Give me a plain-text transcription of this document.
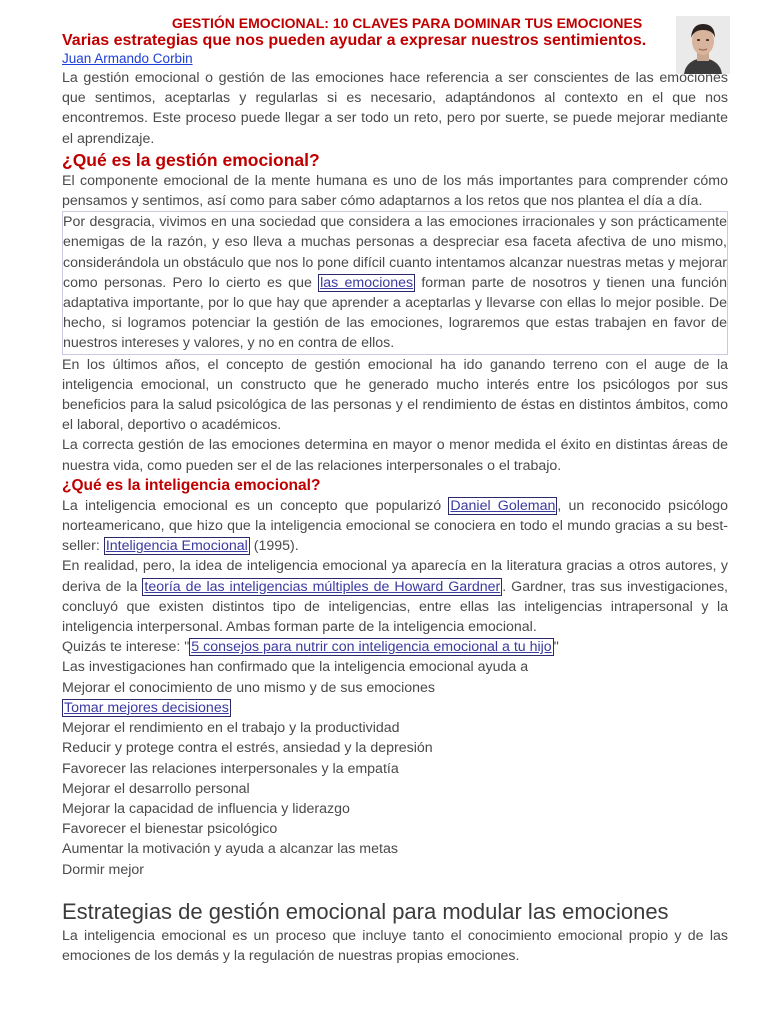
GESTIÓN EMOCIONAL: 10 CLAVES PARA DOMINAR TUS EMOCIONES
Varias estrategias que nos pueden ayudar a expresar nuestros sentimientos.
Juan Armando Corbin

La gestión emocional o gestión de las emociones hace referencia a ser conscientes de las emociones que sentimos, aceptarlas y regularlas si es necesario, adaptándonos al contexto en el que nos encontremos. Este proceso puede llegar a ser todo un reto, pero por suerte, se puede mejorar mediante el aprendizaje.

¿Qué es la gestión emocional?

El componente emocional de la mente humana es uno de los más importantes para comprender cómo pensamos y sentimos, así como para saber cómo adaptarnos a los retos que nos plantea el día a día.

Por desgracia, vivimos en una sociedad que considera a las emociones irracionales y son prácticamente enemigas de la razón, y eso lleva a muchas personas a despreciar esa faceta afectiva de uno mismo, considerándola un obstáculo que nos lo pone difícil cuanto intentamos alcanzar nuestras metas y mejorar como personas. Pero lo cierto es que las emociones forman parte de nosotros y tienen una función adaptativa importante, por lo que hay que aprender a aceptarlas y llevarse con ellas lo mejor posible. De hecho, si logramos potenciar la gestión de las emociones, lograremos que estas trabajen en favor de nuestros intereses y valores, y no en contra de ellos.

En los últimos años, el concepto de gestión emocional ha ido ganando terreno con el auge de la inteligencia emocional, un constructo que he generado mucho interés entre los psicólogos por sus beneficios para la salud psicológica de las personas y el rendimiento de éstas en distintos ámbitos, como el laboral, deportivo o académicos.

La correcta gestión de las emociones determina en mayor o menor medida el éxito en distintas áreas de nuestra vida, como pueden ser el de las relaciones interpersonales o el trabajo.

¿Qué es la inteligencia emocional?

La inteligencia emocional es un concepto que popularizó Daniel Goleman , un reconocido psicólogo norteamericano, que hizo que la inteligencia emocional se conociera en todo el mundo gracias a su best-seller: Inteligencia Emocional (1995).

En realidad, pero, la idea de inteligencia emocional ya aparecía en la literatura gracias a otros autores, y deriva de la teoría de las inteligencias múltiples de Howard Gardner . Gardner, tras sus investigaciones, concluyó que existen distintos tipo de inteligencias, entre ellas las inteligencias intrapersonal y la inteligencia interpersonal. Ambas forman parte de la inteligencia emocional.

Quizás te interese: " 5 consejos para nutrir con inteligencia emocional a tu hijo "

Las investigaciones han confirmado que la inteligencia emocional ayuda a
Mejorar el conocimiento de uno mismo y de sus emociones
Tomar mejores decisiones
Mejorar el rendimiento en el trabajo y la productividad
Reducir y protege contra el estrés, ansiedad y la depresión
Favorecer las relaciones interpersonales y la empatía
Mejorar el desarrollo personal
Mejorar la capacidad de influencia y liderazgo
Favorecer el bienestar psicológico
Aumentar la motivación y ayuda a alcanzar las metas
Dormir mejor
Estrategias de gestión emocional para modular las emociones

La inteligencia emocional es un proceso que incluye tanto el conocimiento emocional propio y de las emociones de los demás y la regulación de nuestras propias emociones.
